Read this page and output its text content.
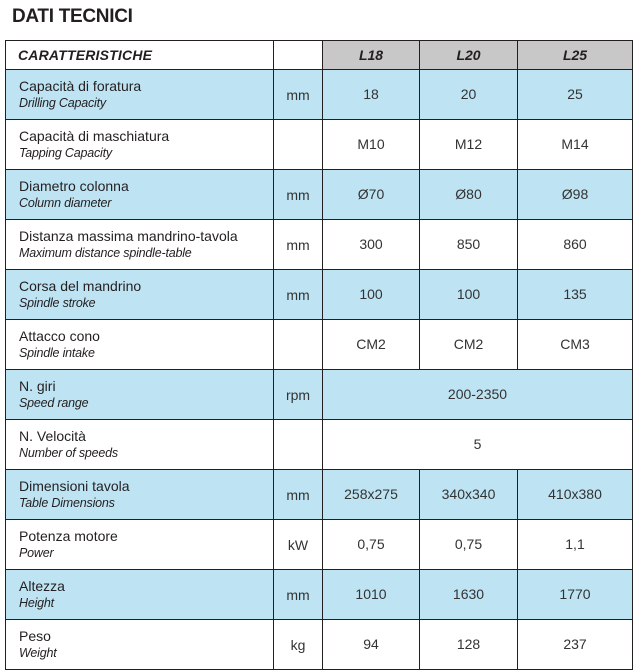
DATI TECNICI
CARATTERISTICHE		L18	L20	L25

Capacità di foratura
Drilling Capacity	mm	18	20	25

Capacità di maschiatura
Tapping Capacity		M10	M12	M14

Diametro colonna
Column diameter	mm	Ø70	Ø80	Ø98

Distanza massima mandrino-tavola
Maximum distance spindle-table	mm	300	850	860

Corsa del mandrino
Spindle stroke	mm	100	100	135

Attacco cono
Spindle intake		CM2	CM2	CM3

N. giri
Speed range	rpm	200-2350		

N. Velocità
Number of speeds		5		

Dimensioni tavola
Table Dimensions	mm	258x275	340x340	410x380

Potenza motore
Power	kW	0,75	0,75	1,1

Altezza
Height	mm	1010	1630	1770

Peso
Weight	kg	94	128	237
